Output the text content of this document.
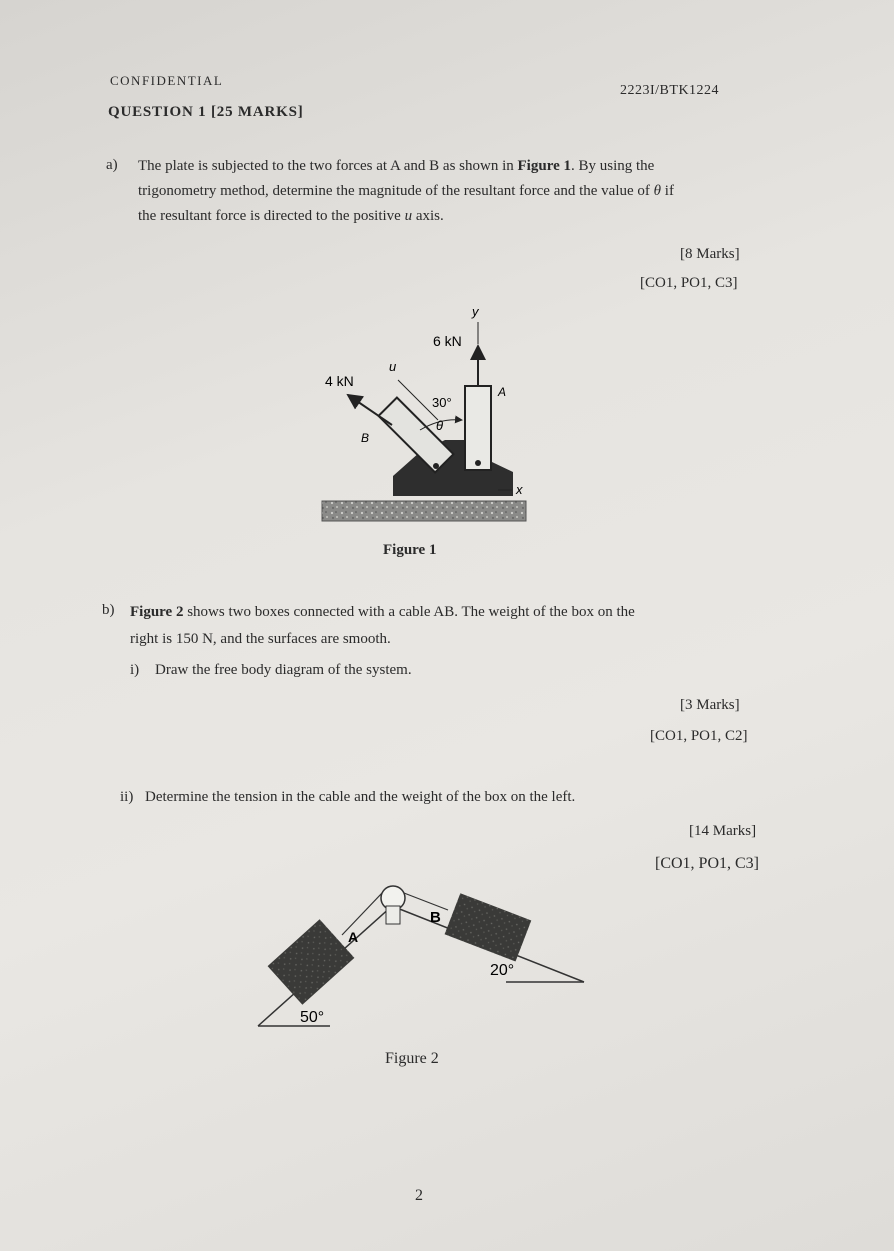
CONFIDENTIAL
2223I/BTK1224
QUESTION 1 [25 MARKS]
a) The plate is subjected to the two forces at A and B as shown in Figure 1. By using the
trigonometry method, determine the magnitude of the resultant force and the value of θ if
the resultant force is directed to the positive u axis.
[8 Marks]
[CO1, PO1, C3]
y
6 kN
u
4 kN
30°
A
θ
B
x
Figure 1
b) Figure 2 shows two boxes connected with a cable AB. The weight of the box on the
right is 150 N, and the surfaces are smooth.
i) Draw the free body diagram of the system.
[3 Marks]
[CO1, PO1, C2]
ii) Determine the tension in the cable and the weight of the box on the left.
[14 Marks]
[CO1, PO1, C3]
A
B
20°
50°
Figure 2
2
